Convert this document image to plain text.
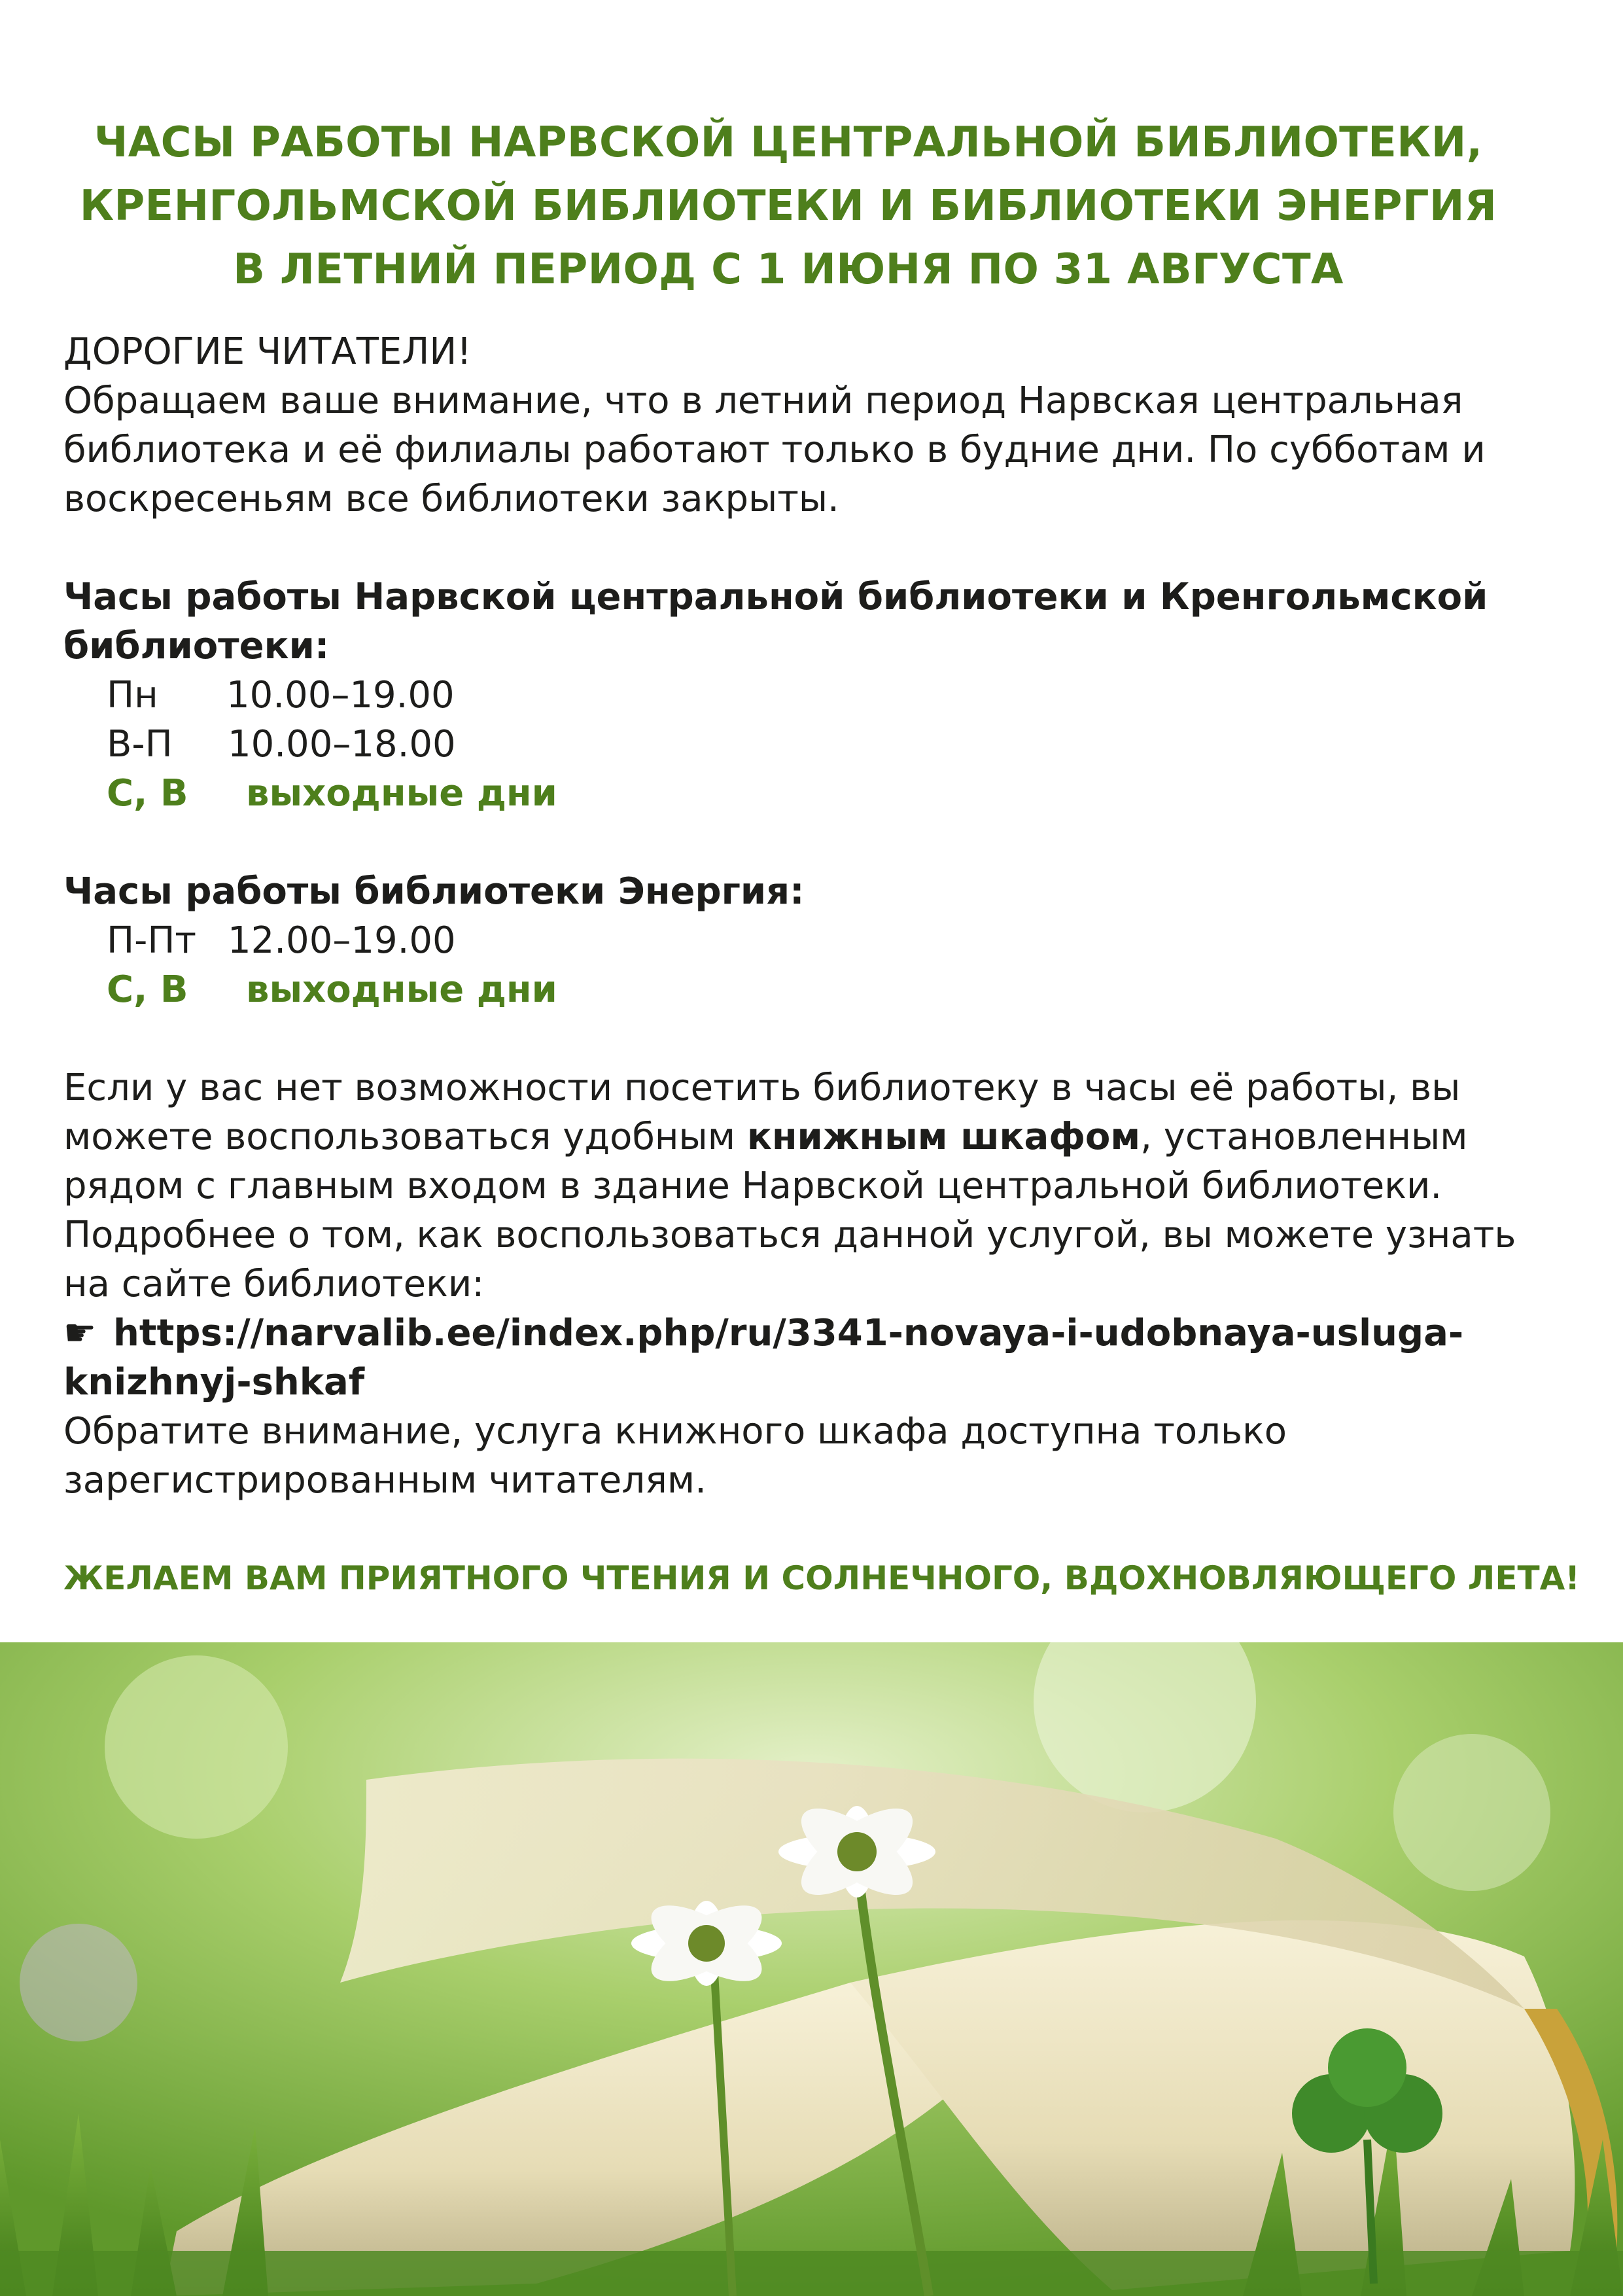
ЧАСЫ РАБОТЫ НАРВСКОЙ ЦЕНТРАЛЬНОЙ БИБЛИОТЕКИ,
КРЕНГОЛЬМСКОЙ БИБЛИОТЕКИ И БИБЛИОТЕКИ ЭНЕРГИЯ
В ЛЕТНИЙ ПЕРИОД С 1 ИЮНЯ ПО 31 АВГУСТА

ДОРОГИЕ ЧИТАТЕЛИ!

Обращаем ваше внимание, что в летний период Нарвская центральная

библиотека и её филиалы работают только в будние дни. По субботам и

воскресеньям все библиотеки закрыты.

Часы работы Нарвской центральной библиотеки и Кренгольмской

библиотеки:

Пн 10.00–19.00

В-П 10.00–18.00

С, В выходные дни

Часы работы библиотеки Энергия:

П-Пт 12.00–19.00

С, В выходные дни

Если у вас нет возможности посетить библиотеку в часы её работы, вы

можете воспользоваться удобным книжным шкафом, установленным

рядом с главным входом в здание Нарвской центральной библиотеки.

Подробнее о том, как воспользоваться данной услугой, вы можете узнать

на сайте библиотеки:

☛ https://narvalib.ee/index.php/ru/3341-novaya-i-udobnaya-usluga-

knizhnyj-shkaf

Обратите внимание, услуга книжного шкафа доступна только

зарегистрированным читателям.

ЖЕЛАЕМ ВАМ ПРИЯТНОГО ЧТЕНИЯ И СОЛНЕЧНОГО, ВДОХНОВЛЯЮЩЕГО ЛЕТА!
